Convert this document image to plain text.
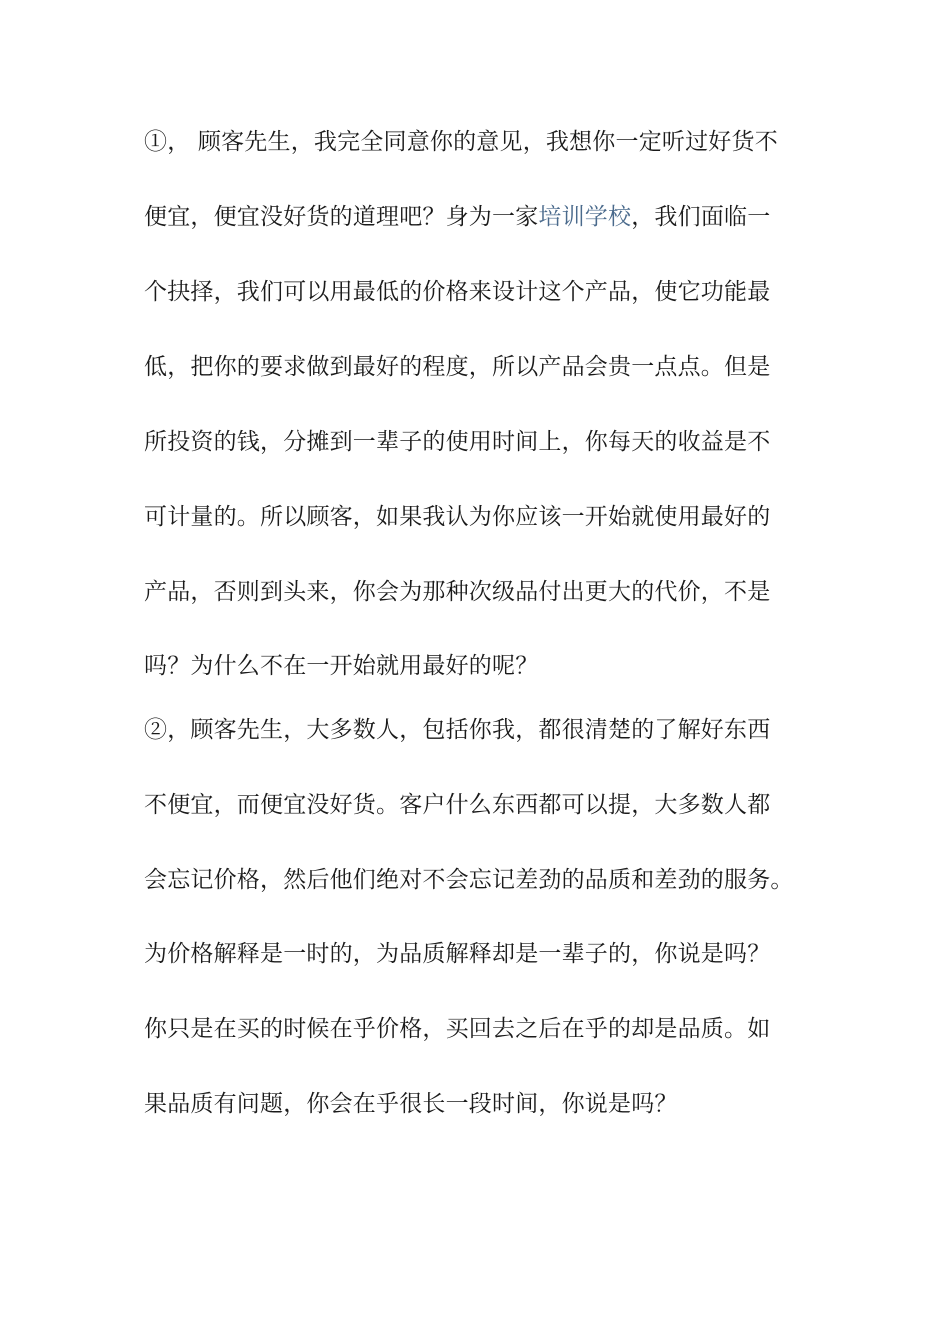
①， 顾客先生，我完全同意你的意见，我想你一定听过好货不
便宜，便宜没好货的道理吧？身为一家培训学校，我们面临一
个抉择，我们可以用最低的价格来设计这个产品，使它功能最
低，把你的要求做到最好的程度，所以产品会贵一点点。但是
所投资的钱，分摊到一辈子的使用时间上，你每天的收益是不
可计量的。所以顾客，如果我认为你应该一开始就使用最好的
产品，否则到头来，你会为那种次级品付出更大的代价，不是
吗？为什么不在一开始就用最好的呢？
②，顾客先生，大多数人，包括你我，都很清楚的了解好东西
不便宜，而便宜没好货。客户什么东西都可以提，大多数人都
会忘记价格，然后他们绝对不会忘记差劲的品质和差劲的服务。
为价格解释是一时的，为品质解释却是一辈子的，你说是吗？
你只是在买的时候在乎价格，买回去之后在乎的却是品质。如
果品质有问题，你会在乎很长一段时间，你说是吗？
